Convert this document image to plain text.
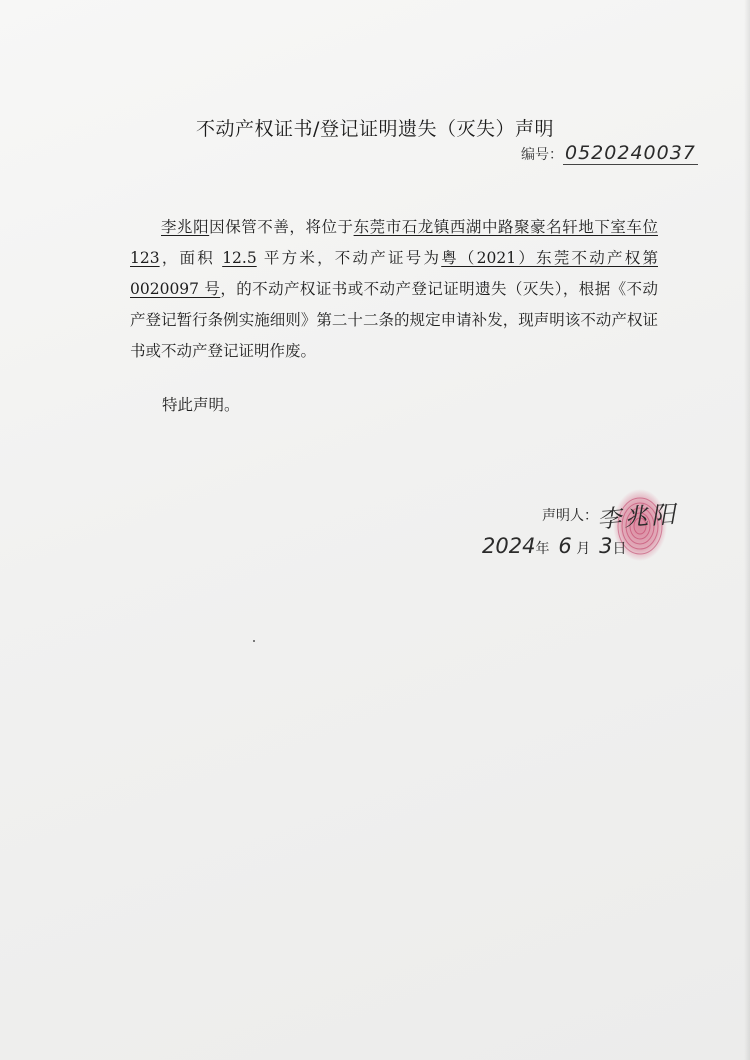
不动产权证书/登记证明遗失（灭失）声明
编号： 0520240037

李兆阳因保管不善，将位于东莞市石龙镇西湖中路聚豪名轩地下室车位 123，面积 12.5 平方米，不动产证号为粤（2021）东莞不动产权第 0020097 号，的不动产权证书或不动产登记证明遗失（灭失），根据《不动产登记暂行条例实施细则》第二十二条的规定申请补发，现声明该不动产权证书或不动产登记证明作废。

特此声明。
声明人：
李兆阳
2024年 6 月 3日
